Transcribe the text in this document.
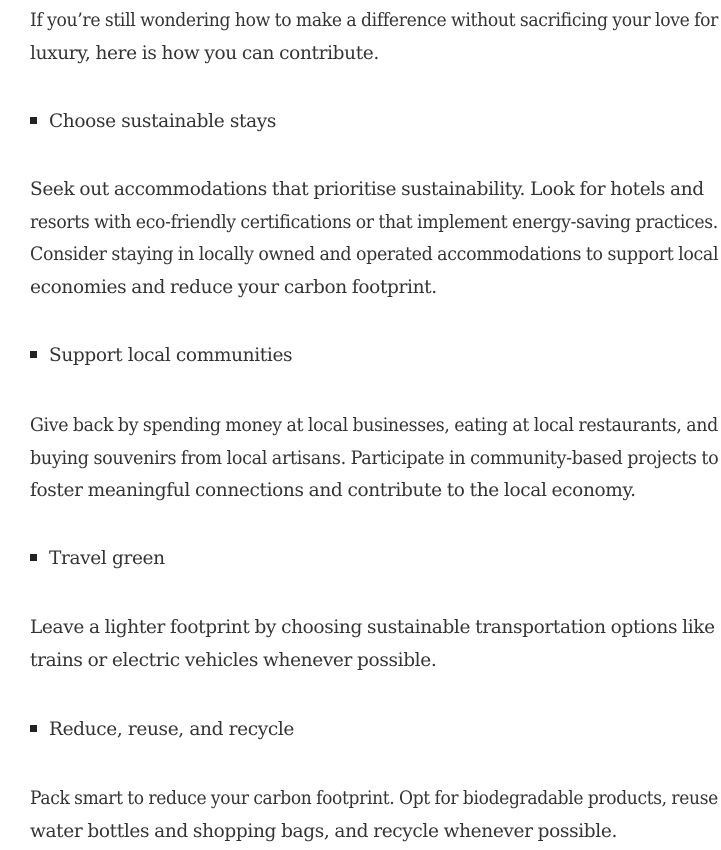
If you’re still wondering how to make a difference without sacrificing your love for
luxury, here is how you can contribute.

Choose sustainable stays

Seek out accommodations that prioritise sustainability. Look for hotels and
resorts with eco-friendly certifications or that implement energy-saving practices.
Consider staying in locally owned and operated accommodations to support local
economies and reduce your carbon footprint.

Support local communities

Give back by spending money at local businesses, eating at local restaurants, and
buying souvenirs from local artisans. Participate in community-based projects to
foster meaningful connections and contribute to the local economy.

Travel green

Leave a lighter footprint by choosing sustainable transportation options like
trains or electric vehicles whenever possible.

Reduce, reuse, and recycle

Pack smart to reduce your carbon footprint. Opt for biodegradable products, reuse
water bottles and shopping bags, and recycle whenever possible.
